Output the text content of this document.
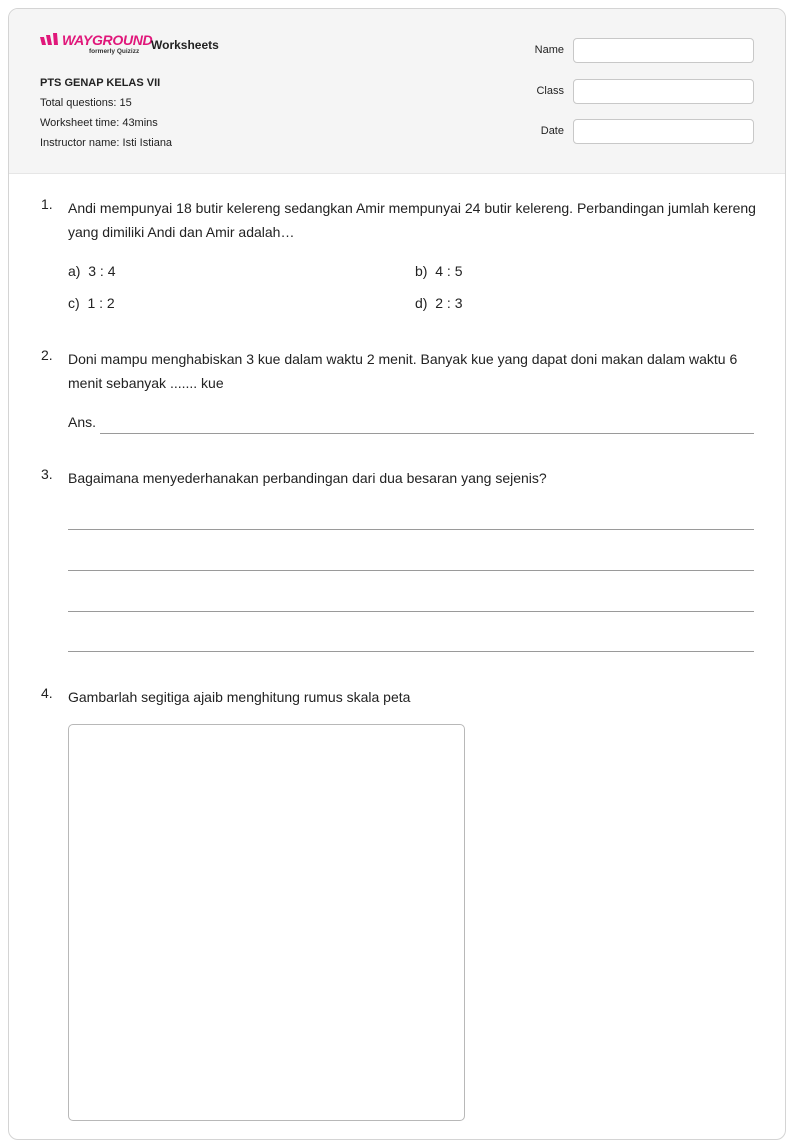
WAYGROUND
formerly Quizizz Worksheets
PTS GENAP KELAS VII
Total questions: 15
Worksheet time: 43mins
Instructor name: Isti Istiana
Name
Class
Date
1. Andi mempunyai 18 butir kelereng sedangkan Amir mempunyai 24 butir kelereng. Perbandingan jumlah kereng yang dimiliki Andi dan Amir adalah…
a) 3 : 4	b) 4 : 5
c) 1 : 2	d) 2 : 3
2. Doni mampu menghabiskan 3 kue dalam waktu 2 menit. Banyak kue yang dapat doni makan dalam waktu 6 menit sebanyak ....... kue
Ans.
3. Bagaimana menyederhanakan perbandingan dari dua besaran yang sejenis?
4. Gambarlah segitiga ajaib menghitung rumus skala peta
